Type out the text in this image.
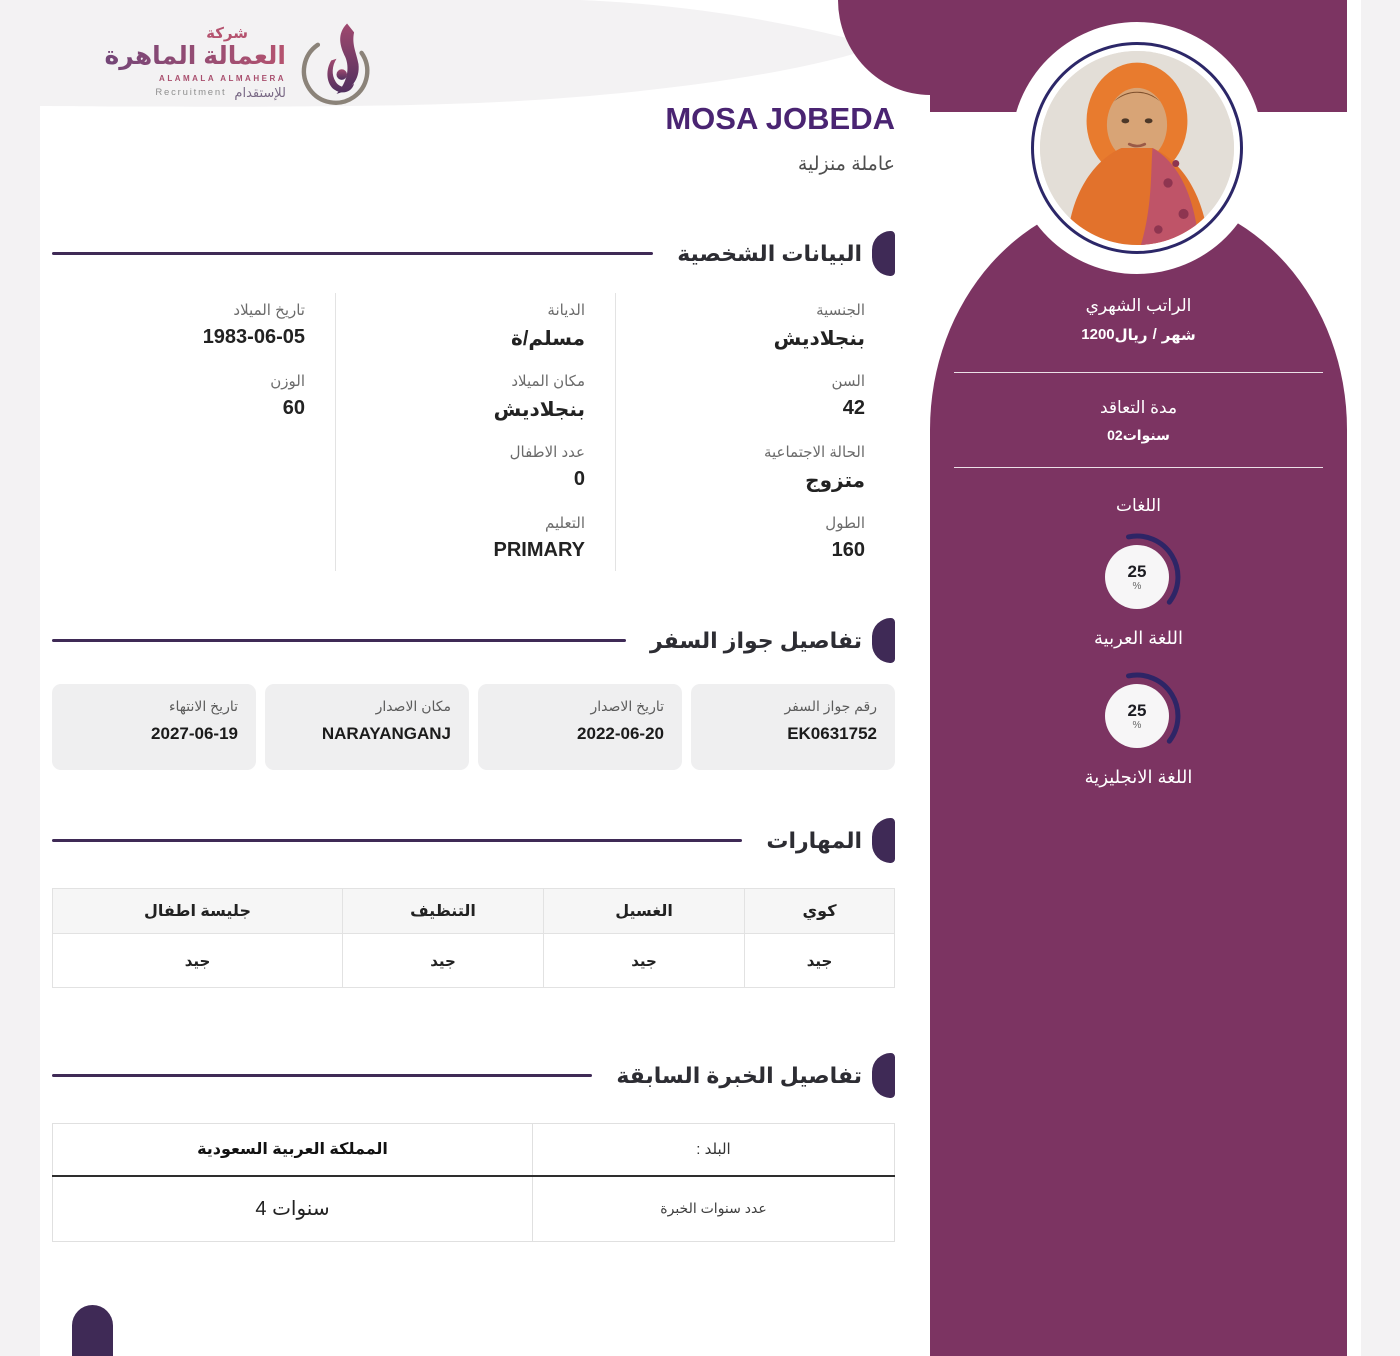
شركة
العمالة الماهرة
ALAMALA ALMAHERA
Recruitment للإستقدام
MOSA JOBEDA
عاملة منزلية
البيانات الشخصية
الجنسية
بنجلاديش
الديانة
مسلم/ة
تاريخ الميلاد
1983-06-05
السن
42
مكان الميلاد
بنجلاديش
الوزن
60
الحالة الاجتماعية
متزوج
عدد الاطفال
0
الطول
160
التعليم
PRIMARY
تفاصيل جواز السفر
رقم جواز السفر
EK0631752
تاريخ الاصدار
2022-06-20
مكان الاصدار
NARAYANGANJ
تاريخ الانتهاء
2027-06-19
المهارات
كوي	الغسيل	التنظيف	جليسة اطفال
جيد	جيد	جيد	جيد
تفاصيل الخبرة السابقة
البلد :	المملكة العربية السعودية
عدد سنوات الخبرة	4 سنوات
الراتب الشهري
1200 ريال / شهر
مدة التعاقد
02 سنوات
اللغات
25
%
اللغة العربية
25
%
اللغة الانجليزية
